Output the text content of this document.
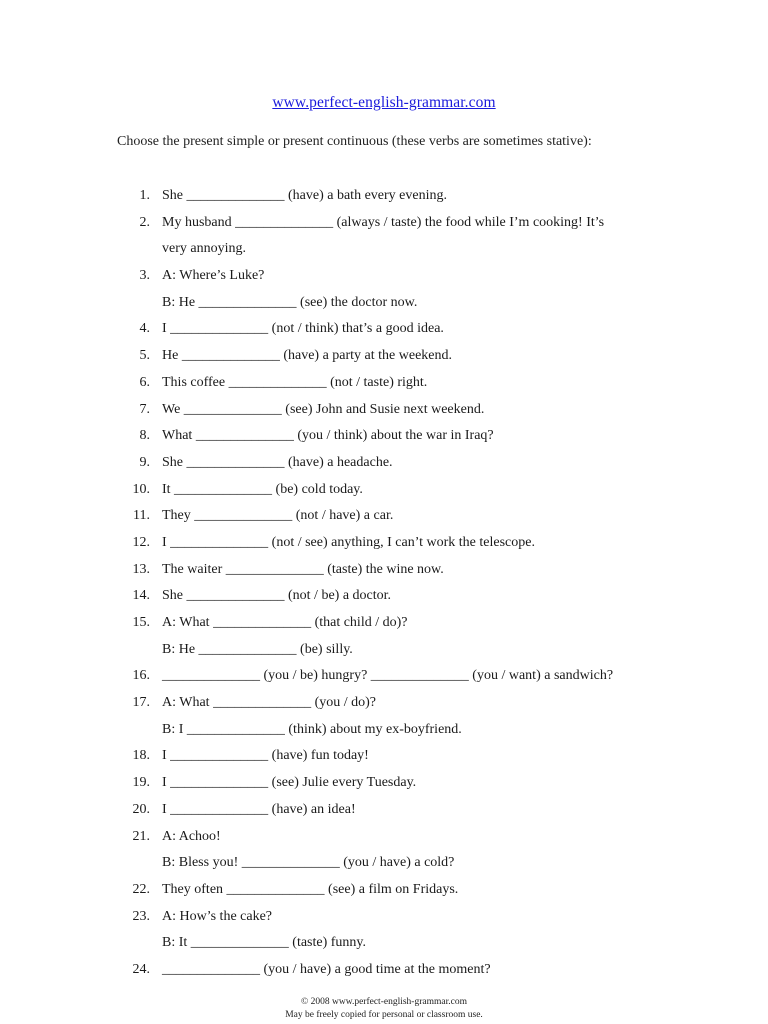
www.perfect-english-grammar.com
Choose the present simple or present continuous (these verbs are sometimes stative):
1. She ______________ (have) a bath every evening.
2. My husband ______________ (always / taste) the food while I’m cooking! It’s
very annoying.
3. A: Where’s Luke?
B: He ______________ (see) the doctor now.
4. I ______________ (not / think) that’s a good idea.
5. He ______________ (have) a party at the weekend.
6. This coffee ______________ (not / taste) right.
7. We ______________ (see) John and Susie next weekend.
8. What ______________ (you / think) about the war in Iraq?
9. She ______________ (have) a headache.
10. It ______________ (be) cold today.
11. They ______________ (not / have) a car.
12. I ______________ (not / see) anything, I can’t work the telescope.
13. The waiter ______________ (taste) the wine now.
14. She ______________ (not / be) a doctor.
15. A: What ______________ (that child / do)?
B: He ______________ (be) silly.
16. ______________ (you / be) hungry? ______________ (you / want) a sandwich?
17. A: What ______________ (you / do)?
B: I ______________ (think) about my ex-boyfriend.
18. I ______________ (have) fun today!
19. I ______________ (see) Julie every Tuesday.
20. I ______________ (have) an idea!
21. A: Achoo!
B: Bless you! ______________ (you / have) a cold?
22. They often ______________ (see) a film on Fridays.
23. A: How’s the cake?
B: It ______________ (taste) funny.
24. ______________ (you / have) a good time at the moment?
© 2008 www.perfect-english-grammar.com
May be freely copied for personal or classroom use.
